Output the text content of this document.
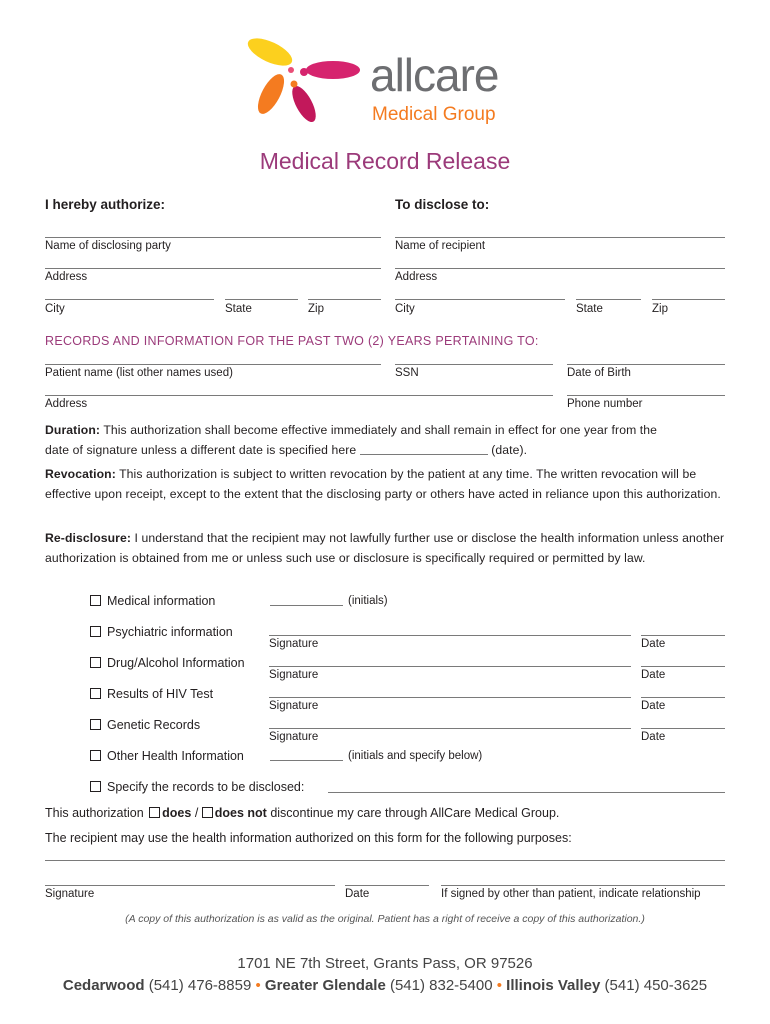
allcare
Medical Group
Medical Record Release
I hereby authorize:	To disclose to:
Name of disclosing party
Address
City	State	Zip
Name of recipient
Address
City	State	Zip
RECORDS AND INFORMATION FOR THE PAST TWO (2) YEARS PERTAINING TO:
Patient name (list other names used)	SSN	Date of Birth
Address	Phone number
Duration: This authorization shall become effective immediately and shall remain in effect for one year from the
date of signature unless a different date is specified here	(date).
Revocation: This authorization is subject to written revocation by the patient at any time. The written revocation will be effective upon receipt, except to the extent that the disclosing party or others have acted in reliance upon this authorization.
Re-disclosure: I understand that the recipient may not lawfully further use or disclose the health information unless another authorization is obtained from me or unless such use or disclosure is specifically required or permitted by law.
Medical information	(initials)
Psychiatric information
Signature	Date
Drug/Alcohol Information
Signature	Date
Results of HIV Test
Signature	Date
Genetic Records
Signature	Date
Other Health Information	(initials and specify below)
Specify the records to be disclosed:
This authorization does / does not discontinue my care through AllCare Medical Group.
The recipient may use the health information authorized on this form for the following purposes:
Signature	Date	If signed by other than patient, indicate relationship
(A copy of this authorization is as valid as the original. Patient has a right of receive a copy of this authorization.)
1701 NE 7th Street, Grants Pass, OR 97526
Cedarwood (541) 476-8859 • Greater Glendale (541) 832-5400 • Illinois Valley (541) 450-3625
